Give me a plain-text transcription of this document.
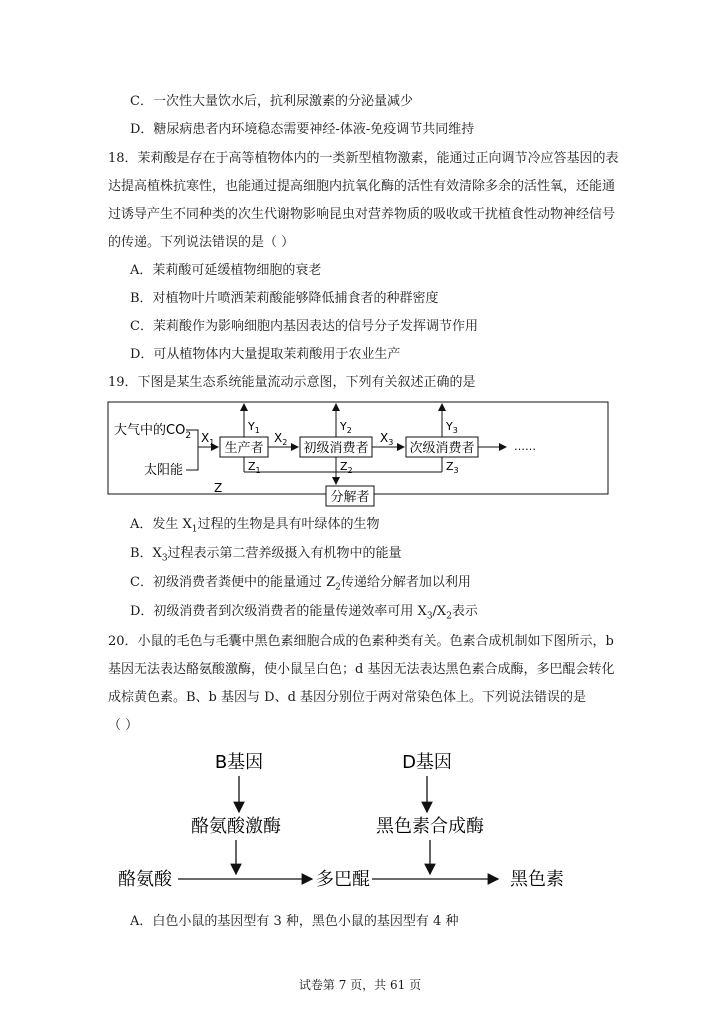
C．一次性大量饮水后，抗利尿激素的分泌量减少
D．糖尿病患者内环境稳态需要神经-体液-免疫调节共同维持
18．茉莉酸是存在于高等植物体内的一类新型植物激素，能通过正向调节冷应答基因的表
达提高植株抗寒性，也能通过提高细胞内抗氧化酶的活性有效清除多余的活性氧，还能通
过诱导产生不同种类的次生代谢物影响昆虫对营养物质的吸收或干扰植食性动物神经信号
的传递。下列说法错误的是（ ）
A．茉莉酸可延缓植物细胞的衰老
B．对植物叶片喷洒茉莉酸能够降低捕食者的种群密度
C．茉莉酸作为影响细胞内基因表达的信号分子发挥调节作用
D．可从植物体内大量提取茉莉酸用于农业生产
19．下图是某生态系统能量流动示意图，下列有关叙述正确的是
大气中的$CO_2$
太阳能
$X_1$ 生产者
$X_2$ 初级消费者
$X_3$ 次级消费者	……
$Y_1$	$Y_2$	$Y_3$
$Z_1$	$Z_2$	$Z_3$
分解者
Z
A．发生 $X_1$过程的生物是具有叶绿体的生物
B．$X_3$过程表示第二营养级摄入有机物中的能量
C．初级消费者粪便中的能量通过 $Z_2$传递给分解者加以利用
D．初级消费者到次级消费者的能量传递效率可用 $X_3/X_2$表示
20．小鼠的毛色与毛囊中黑色素细胞合成的色素种类有关。色素合成机制如下图所示，b
基因无法表达酪氨酸激酶，使小鼠呈白色；d 基因无法表达黑色素合成酶，多巴醌会转化
成棕黄色素。B、b 基因与 D、d 基因分别位于两对常染色体上。下列说法错误的是
（ ）
B基因
酪氨酸激酶
D基因
黑色素合成酶
酪氨酸	多巴醌	黑色素
A．白色小鼠的基因型有 3 种，黑色小鼠的基因型有 4 种
试卷第 7 页，共 61 页
